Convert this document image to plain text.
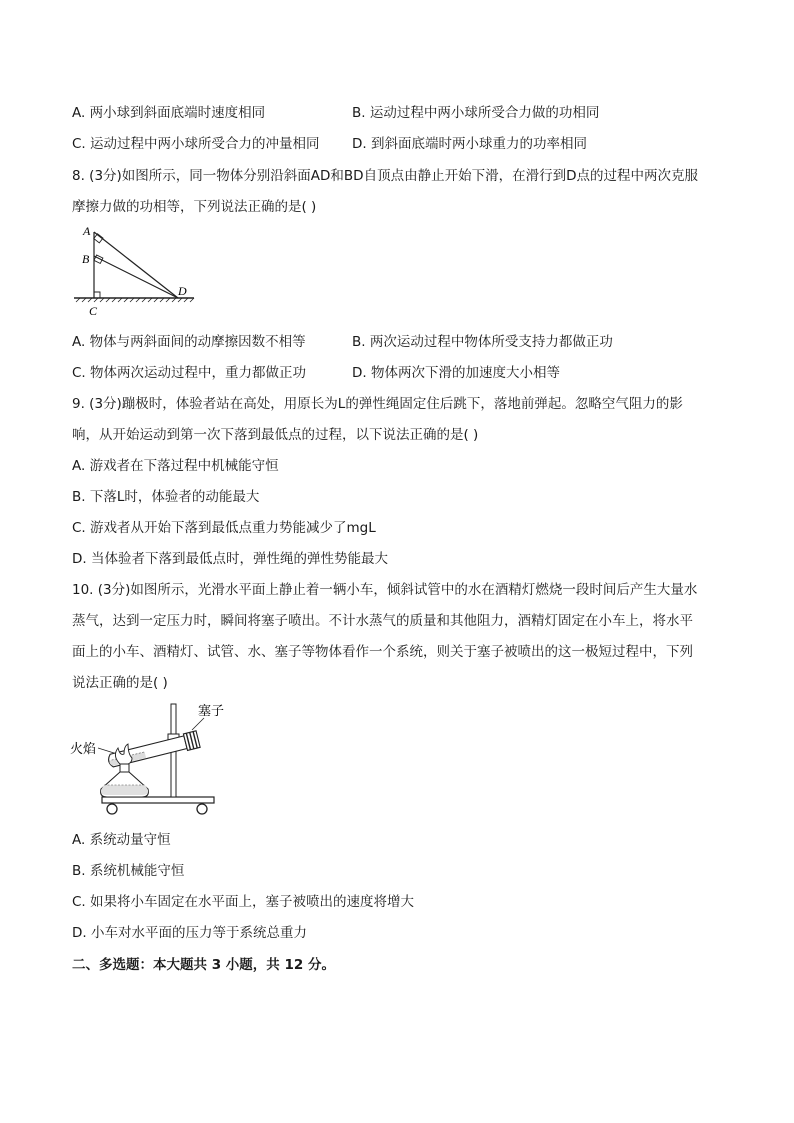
A. 两小球到斜面底端时速度相同	B. 运动过程中两小球所受合力做的功相同
C. 运动过程中两小球所受合力的冲量相同 D. 到斜面底端时两小球重力的功率相同
8. (3分)如图所示，同一物体分别沿斜面AD和BD自顶点由静止开始下滑，在滑行到D点的过程中两次克服
摩擦力做的功相等，下列说法正确的是( )
A
B
C
D
A. 物体与两斜面间的动摩擦因数不相等	B. 两次运动过程中物体所受支持力都做正功
C. 物体两次运动过程中，重力都做正功	D. 物体两次下滑的加速度大小相等
9. (3分)蹦极时，体验者站在高处，用原长为L的弹性绳固定住后跳下，落地前弹起。忽略空气阻力的影
响，从开始运动到第一次下落到最低点的过程，以下说法正确的是( )
A. 游戏者在下落过程中机械能守恒
B. 下落L时，体验者的动能最大
C. 游戏者从开始下落到最低点重力势能减少了mgL
D. 当体验者下落到最低点时，弹性绳的弹性势能最大
10. (3分)如图所示，光滑水平面上静止着一辆小车，倾斜试管中的水在酒精灯燃烧一段时间后产生大量水
蒸气，达到一定压力时，瞬间将塞子喷出。不计水蒸气的质量和其他阻力，酒精灯固定在小车上，将水平
面上的小车、酒精灯、试管、水、塞子等物体看作一个系统，则关于塞子被喷出的这一极短过程中，下列
说法正确的是( )
塞子
火焰
A. 系统动量守恒
B. 系统机械能守恒
C. 如果将小车固定在水平面上，塞子被喷出的速度将增大
D. 小车对水平面的压力等于系统总重力
二、多选题：本大题共 3 小题，共 12 分。
